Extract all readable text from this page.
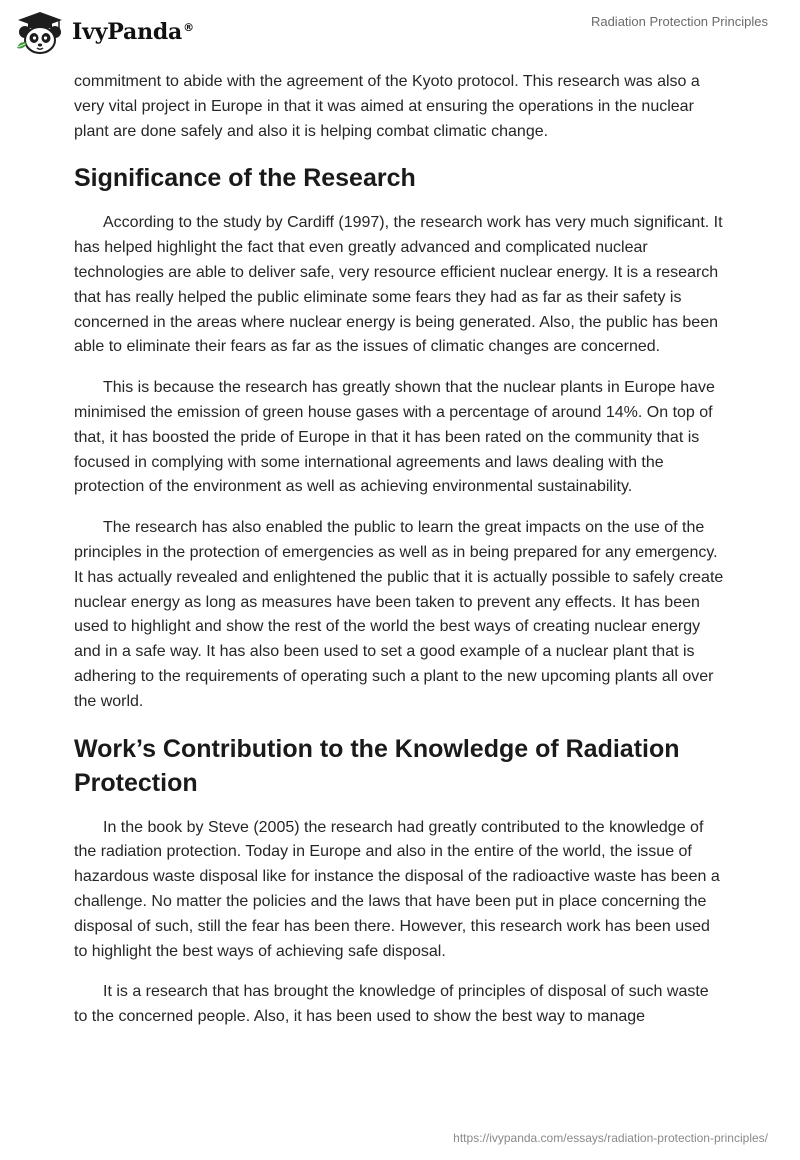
IvyPanda®	Radiation Protection Principles

commitment to abide with the agreement of the Kyoto protocol. This research was also a very vital project in Europe in that it was aimed at ensuring the operations in the nuclear plant are done safely and also it is helping combat climatic change.

Significance of the Research

According to the study by Cardiff (1997), the research work has very much significant. It has helped highlight the fact that even greatly advanced and complicated nuclear technologies are able to deliver safe, very resource efficient nuclear energy. It is a research that has really helped the public eliminate some fears they had as far as their safety is concerned in the areas where nuclear energy is being generated. Also, the public has been able to eliminate their fears as far as the issues of climatic changes are concerned.

This is because the research has greatly shown that the nuclear plants in Europe have minimised the emission of green house gases with a percentage of around 14%. On top of that, it has boosted the pride of Europe in that it has been rated on the community that is focused in complying with some international agreements and laws dealing with the protection of the environment as well as achieving environmental sustainability.

The research has also enabled the public to learn the great impacts on the use of the principles in the protection of emergencies as well as in being prepared for any emergency. It has actually revealed and enlightened the public that it is actually possible to safely create nuclear energy as long as measures have been taken to prevent any effects. It has been used to highlight and show the rest of the world the best ways of creating nuclear energy and in a safe way. It has also been used to set a good example of a nuclear plant that is adhering to the requirements of operating such a plant to the new upcoming plants all over the world.

Work’s Contribution to the Knowledge of Radiation Protection

In the book by Steve (2005) the research had greatly contributed to the knowledge of the radiation protection. Today in Europe and also in the entire of the world, the issue of hazardous waste disposal like for instance the disposal of the radioactive waste has been a challenge. No matter the policies and the laws that have been put in place concerning the disposal of such, still the fear has been there. However, this research work has been used to highlight the best ways of achieving safe disposal.

It is a research that has brought the knowledge of principles of disposal of such waste to the concerned people. Also, it has been used to show the best way to manage

https://ivypanda.com/essays/radiation-protection-principles/
